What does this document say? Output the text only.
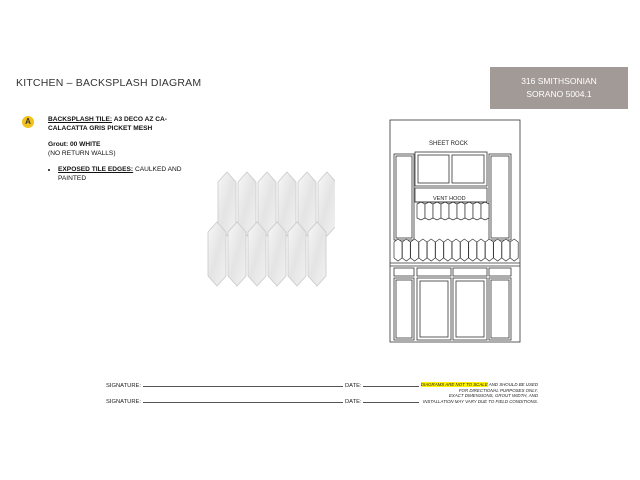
KITCHEN – BACKSPLASH DIAGRAM	316 SMITHSONIAN
SORANO 5004.1
A	BACKSPLASH TILE: A3 DECO AZ CA-

CALACATTA GRIS PICKET MESH

Grout: 00 WHITE

(NO RETURN WALLS)

• EXPOSED TILE EDGES: CAULKED AND
PAINTED
SHEET ROCK
VENT HOOD
SIGNATURE:	DATE:
SIGNATURE:	DATE:
DIAGRAMS ARE NOT TO SCALE AND SHOULD BE USED
FOR DIRECTIONAL PURPOSES ONLY.
EXACT DIMENSIONS, GROUT WIDTH, AND
INSTALLATION MAY VARY DUE TO FIELD CONDITIONS.
